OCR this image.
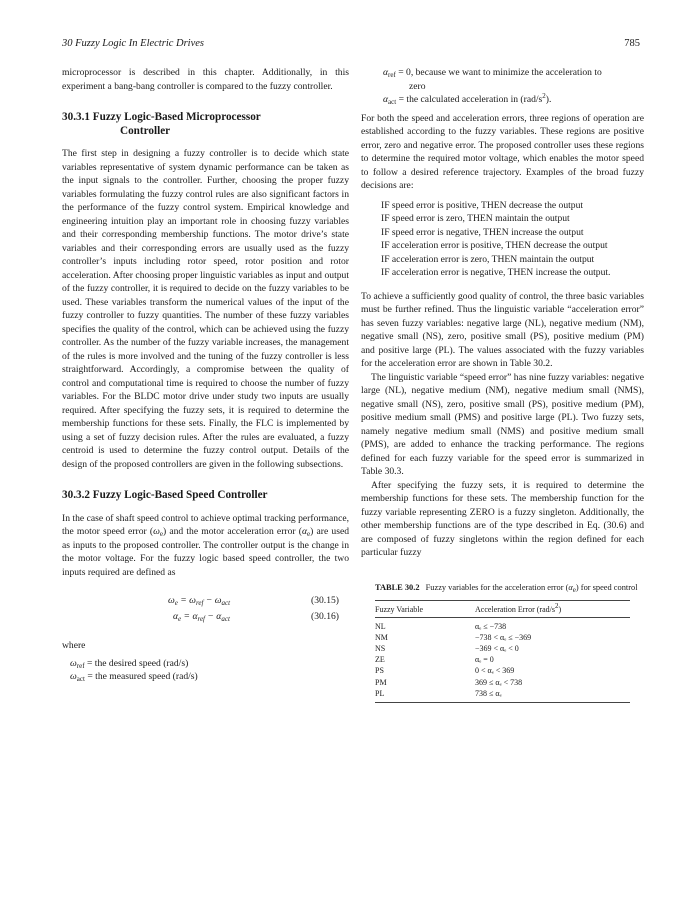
30 Fuzzy Logic In Electric Drives	785

microprocessor is described in this chapter. Additionally, in this experiment a bang-bang controller is compared to the fuzzy controller.

30.3.1 Fuzzy Logic-Based Microprocessor

Controller

The first step in designing a fuzzy controller is to decide which state variables representative of system dynamic performance can be taken as the input signals to the controller. Further, choosing the proper fuzzy variables formulating the fuzzy control rules are also significant factors in the performance of the fuzzy control system. Empirical knowledge and engineering intuition play an important role in choosing fuzzy variables and their corresponding membership functions. The motor drive’s state variables and their corresponding errors are usually used as the fuzzy controller’s inputs including rotor speed, rotor position and rotor acceleration. After choosing proper linguistic variables as input and output of the fuzzy controller, it is required to decide on the fuzzy variables to be used. These variables transform the numerical values of the input of the fuzzy controller to fuzzy quantities. The number of these fuzzy variables specifies the quality of the control, which can be achieved using the fuzzy controller. As the number of the fuzzy variable increases, the management of the rules is more involved and the tuning of the fuzzy controller is less straightforward. Accordingly, a compromise between the quality of control and computational time is required to choose the number of fuzzy variables. For the BLDC motor drive under study two inputs are usually required. After specifying the fuzzy sets, it is required to determine the membership functions for these sets. Finally, the FLC is implemented by using a set of fuzzy decision rules. After the rules are evaluated, a fuzzy centroid is used to determine the fuzzy control output. Details of the design of the proposed controllers are given in the following subsections.

30.3.2 Fuzzy Logic-Based Speed Controller

In the case of shaft speed control to achieve optimal tracking performance, the motor speed error $(\omega_e)$ and the motor acceleration error $(\alpha_e)$ are used as inputs to the proposed controller. The controller output is the change in the motor voltage. For the fuzzy logic based speed controller, the two inputs required are defined as

$\omega_e = \omega_{ref} - \omega_{act}$	(30.15)
$\alpha_e = \alpha_{ref} - \alpha_{act}$	(30.16)

where

$\omega_{ref}$ = the desired speed (rad/s)
$\omega_{act}$ = the measured speed (rad/s)
$\alpha_{ref} = 0$, because we want to minimize the acceleration to
zero
$\alpha_{act}$ = the calculated acceleration in $(rad/s^2)$.

For both the speed and acceleration errors, three regions of operation are established according to the fuzzy variables. These regions are positive error, zero and negative error. The proposed controller uses these regions to determine the required motor voltage, which enables the motor speed to follow a desired reference trajectory. Examples of the broad fuzzy decisions are:

IF speed error is positive, THEN decrease the output
IF speed error is zero, THEN maintain the output
IF speed error is negative, THEN increase the output
IF acceleration error is positive, THEN decrease the output
IF acceleration error is zero, THEN maintain the output
IF acceleration error is negative, THEN increase the output.

To achieve a sufficiently good quality of control, the three basic variables must be further refined. Thus the linguistic variable “acceleration error” has seven fuzzy variables: negative large (NL), negative medium (NM), negative small (NS), zero, positive small (PS), positive medium (PM) and positive large (PL). The values associated with the fuzzy variables for the acceleration error are shown in Table 30.2.

The linguistic variable “speed error” has nine fuzzy variables: negative large (NL), negative medium (NM), negative medium small (NMS), negative small (NS), zero, positive small (PS), positive medium (PM), positive medium small (PMS) and positive large (PL). Two fuzzy sets, namely negative medium small (NMS) and positive medium small (PMS), are added to enhance the tracking performance. The regions defined for each fuzzy variable for the speed error is summarized in Table 30.3.

After specifying the fuzzy sets, it is required to determine the membership functions for these sets. The membership function for the fuzzy variable representing ZERO is a fuzzy singleton. Additionally, the other membership functions are of the type described in Eq. (30.6) and are composed of fuzzy singletons within the region defined for each particular fuzzy

TABLE 30.2 Fuzzy variables for the acceleration error $(\alpha_e)$ for speed control
Fuzzy Variable	Acceleration Error $(rad/s^2)$
NL	αₑ ≤ −738
NM	−738 < αₑ ≤ −369
NS	−369 < αₑ < 0
ZE	αₑ = 0
PS	0 < αₑ < 369
PM	369 ≤ αₑ < 738
PL	738 ≤ αₑ
